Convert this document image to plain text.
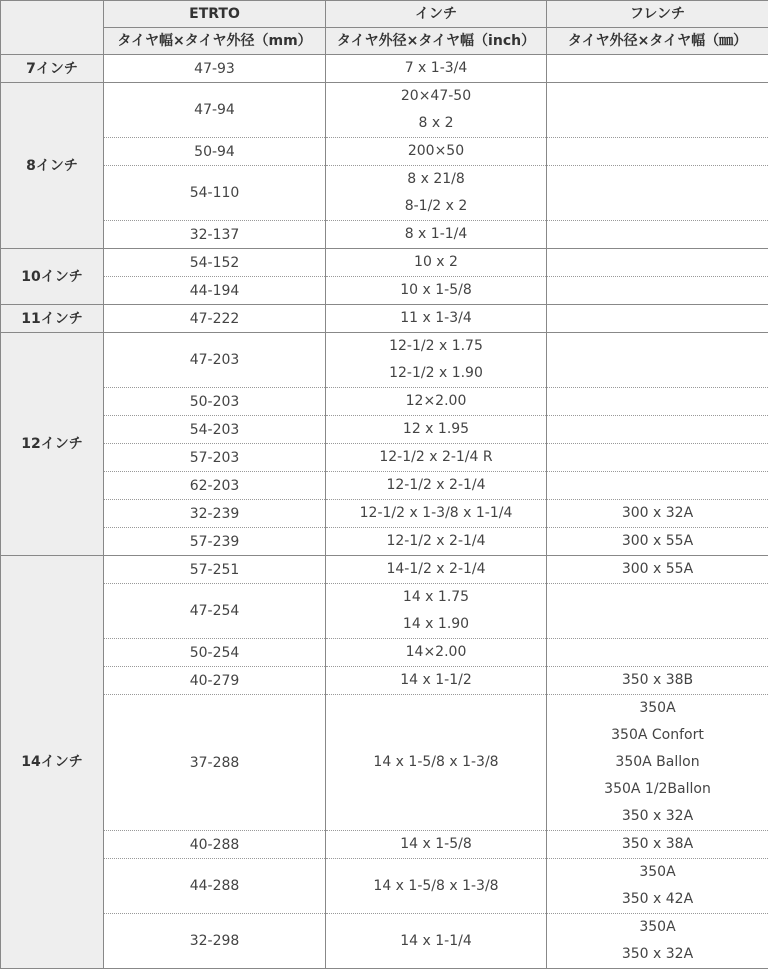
	ETRTO	インチ	フレンチ
	タイヤ幅×タイヤ外径（mm）	タイヤ外径×タイヤ幅（inch）	タイヤ外径×タイヤ幅（㎜）
7インチ	47-93	7 x 1-3/4	

8インチ	47-94	20×47-50
8 x 2	

	50-94	200×50	

	54-110	8 x 21/8
8-1/2 x 2	

	32-137	8 x 1-1/4	

10インチ	54-152	10 x 2	

	44-194	10 x 1-5/8	

11インチ	47-222	11 x 1-3/4	

12インチ	47-203	12-1/2 x 1.75
12-1/2 x 1.90	

	50-203	12×2.00	

	54-203	12 x 1.95	

	57-203	12-1/2 x 2-1/4 R	

	62-203	12-1/2 x 2-1/4	

	32-239	12-1/2 x 1-3/8 x 1-1/4	300 x 32A

	57-239	12-1/2 x 2-1/4	300 x 55A

14インチ	57-251	14-1/2 x 2-1/4	300 x 55A

	47-254	14 x 1.75
14 x 1.90	

	50-254	14×2.00	

	40-279	14 x 1-1/2	350 x 38B

	37-288	14 x 1-5/8 x 1-3/8	350A
350A Confort
350A Ballon
350A 1/2Ballon
350 x 32A

	40-288	14 x 1-5/8	350 x 38A

	44-288	14 x 1-5/8 x 1-3/8	350A
350 x 42A

	32-298	14 x 1-1/4	350A
350 x 32A
